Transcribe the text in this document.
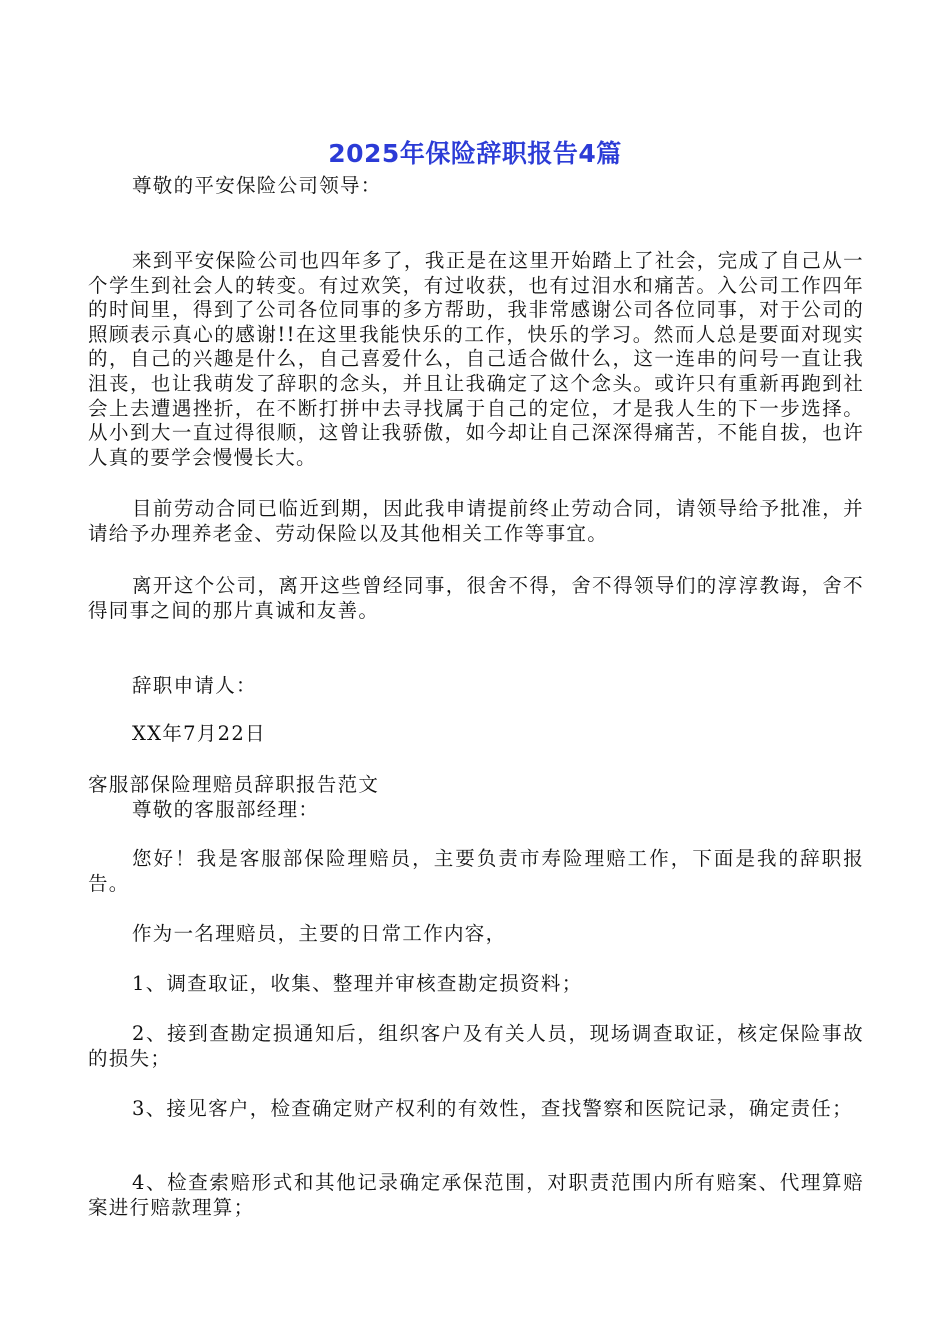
2025年保险辞职报告4篇

尊敬的平安保险公司领导：

来到平安保险公司也四年多了，我正是在这里开始踏上了社会，完成了自己从一个学生到社会人的转变。有过欢笑，有过收获，也有过泪水和痛苦。入公司工作四年的时间里，得到了公司各位同事的多方帮助，我非常感谢公司各位同事，对于公司的照顾表示真心的感谢!!在这里我能快乐的工作，快乐的学习。然而人总是要面对现实的，自己的兴趣是什么，自己喜爱什么，自己适合做什么，这一连串的问号一直让我沮丧，也让我萌发了辞职的念头，并且让我确定了这个念头。或许只有重新再跑到社会上去遭遇挫折，在不断打拼中去寻找属于自己的定位，才是我人生的下一步选择。从小到大一直过得很顺，这曾让我骄傲，如今却让自己深深得痛苦，不能自拔，也许人真的要学会慢慢长大。

目前劳动合同已临近到期，因此我申请提前终止劳动合同，请领导给予批准，并请给予办理养老金、劳动保险以及其他相关工作等事宜。

离开这个公司，离开这些曾经同事，很舍不得，舍不得领导们的淳淳教诲，舍不得同事之间的那片真诚和友善。

辞职申请人：

XX年7月22日

客服部保险理赔员辞职报告范文

尊敬的客服部经理：

您好！我是客服部保险理赔员，主要负责市寿险理赔工作，下面是我的辞职报告。

作为一名理赔员，主要的日常工作内容，

1、调查取证，收集、整理并审核查勘定损资料；

2、接到查勘定损通知后，组织客户及有关人员，现场调查取证，核定保险事故的损失；

3、接见客户，检查确定财产权利的有效性，查找警察和医院记录，确定责任；

4、检查索赔形式和其他记录确定承保范围，对职责范围内所有赔案、代理算赔案进行赔款理算；
